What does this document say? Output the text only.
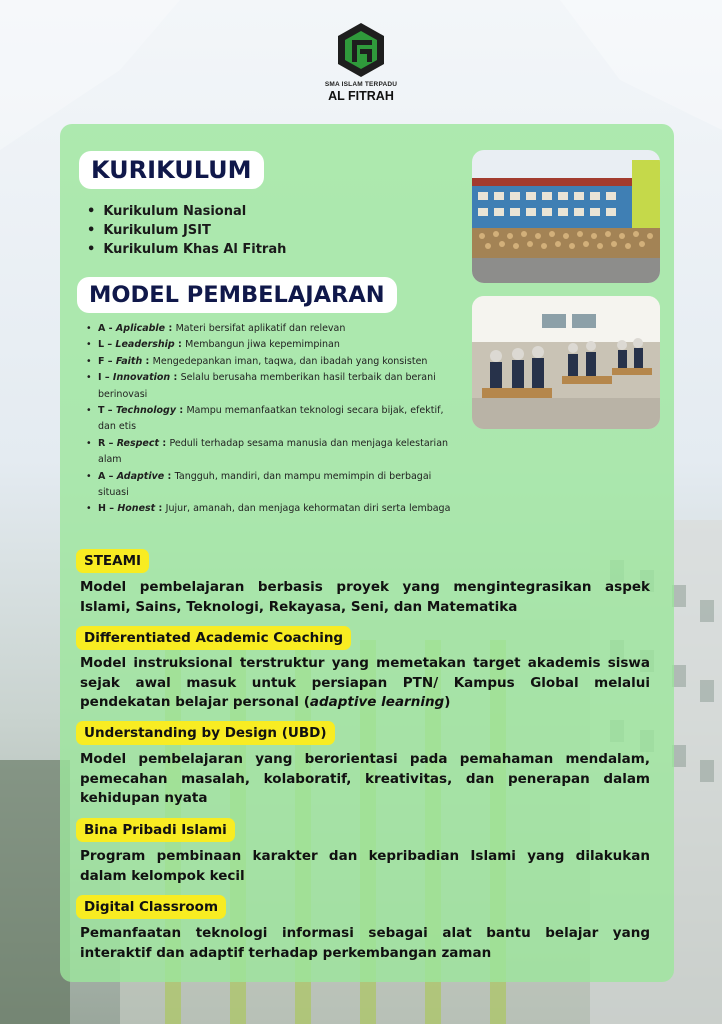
SMA ISLAM TERPADU
AL FITRAH
KURIKULUM
• Kurikulum Nasional
• Kurikulum JSIT
• Kurikulum Khas Al Fitrah
MODEL PEMBELAJARAN
• A - Aplicable : Materi bersifat aplikatif dan relevan
• L – Leadership : Membangun jiwa kepemimpinan
• F – Faith : Mengedepankan iman, taqwa, dan ibadah yang konsisten
• I – Innovation : Selalu berusaha memberikan hasil terbaik dan berani berinovasi
• T – Technology : Mampu memanfaatkan teknologi secara bijak, efektif, dan etis
• R – Respect : Peduli terhadap sesama manusia dan menjaga kelestarian alam
• A – Adaptive : Tangguh, mandiri, dan mampu memimpin di berbagai situasi
• H – Honest : Jujur, amanah, dan menjaga kehormatan diri serta lembaga
STEAMI
Model pembelajaran berbasis proyek yang mengintegrasikan aspek Islami, Sains, Teknologi, Rekayasa, Seni, dan Matematika
Differentiated Academic Coaching
Model instruksional terstruktur yang memetakan target akademis siswa sejak awal masuk untuk persiapan PTN/ Kampus Global melalui pendekatan belajar personal (adaptive learning)
Understanding by Design (UBD)
Model pembelajaran yang berorientasi pada pemahaman mendalam, pemecahan masalah, kolaboratif, kreativitas, dan penerapan dalam kehidupan nyata
Bina Pribadi Islami
Program pembinaan karakter dan kepribadian Islami yang dilakukan dalam kelompok kecil
Digital Classroom
Pemanfaatan teknologi informasi sebagai alat bantu belajar yang interaktif dan adaptif terhadap perkembangan zaman
